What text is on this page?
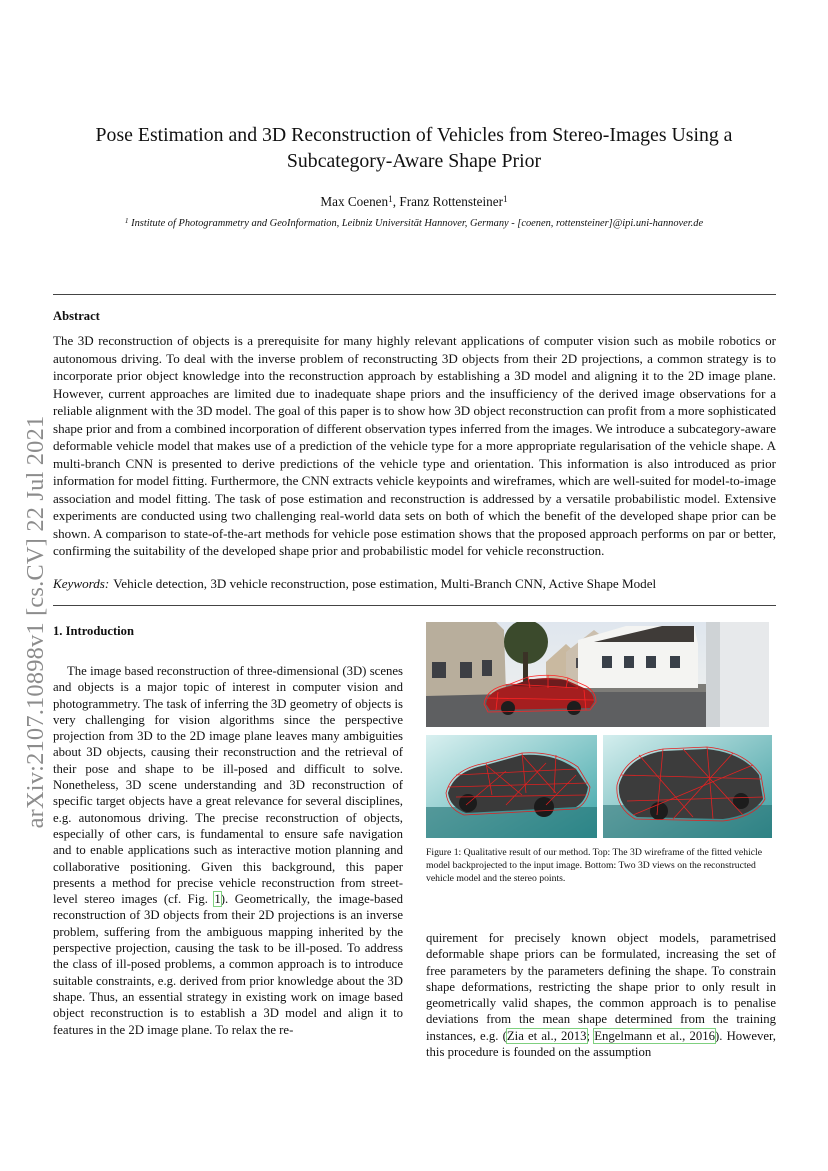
arXiv:2107.10898v1 [cs.CV] 22 Jul 2021
Pose Estimation and 3D Reconstruction of Vehicles from Stereo-Images Using a Subcategory-Aware Shape Prior
Max Coenen$^1$, Franz Rottensteiner$^1$
$^1$ Institute of Photogrammetry and GeoInformation, Leibniz Universität Hannover, Germany - [coenen, rottensteiner]@ipi.uni-hannover.de
Abstract
The 3D reconstruction of objects is a prerequisite for many highly relevant applications of computer vision such as mobile robotics or autonomous driving. To deal with the inverse problem of reconstructing 3D objects from their 2D projections, a common strategy is to incorporate prior object knowledge into the reconstruction approach by establishing a 3D model and aligning it to the 2D image plane. However, current approaches are limited due to inadequate shape priors and the insufficiency of the derived image observations for a reliable alignment with the 3D model. The goal of this paper is to show how 3D object reconstruction can profit from a more sophisticated shape prior and from a combined incorporation of different observation types inferred from the images. We introduce a subcategory-aware deformable vehicle model that makes use of a prediction of the vehicle type for a more appropriate regularisation of the vehicle shape. A multi-branch CNN is presented to derive predictions of the vehicle type and orientation. This information is also introduced as prior information for model fitting. Furthermore, the CNN extracts vehicle keypoints and wireframes, which are well-suited for model-to-image association and model fitting. The task of pose estimation and reconstruction is addressed by a versatile probabilistic model. Extensive experiments are conducted using two challenging real-world data sets on both of which the benefit of the developed shape prior can be shown. A comparison to state-of-the-art methods for vehicle pose estimation shows that the proposed approach performs on par or better, confirming the suitability of the developed shape prior and probabilistic model for vehicle reconstruction.
Keywords: Vehicle detection, 3D vehicle reconstruction, pose estimation, Multi-Branch CNN, Active Shape Model
1. Introduction

The image based reconstruction of three-dimensional (3D) scenes and objects is a major topic of interest in computer vision and photogrammetry. The task of inferring the 3D geometry of objects is very challenging for vision algorithms since the perspective projection from 3D to the 2D image plane leaves many ambiguities about 3D objects, causing their reconstruction and the retrieval of their pose and shape to be ill-posed and difficult to solve. Nonetheless, 3D scene understanding and 3D reconstruction of specific target objects have a great relevance for several disciplines, e.g. autonomous driving. The precise reconstruction of objects, especially of other cars, is fundamental to ensure safe navigation and to enable applications such as interactive motion planning and collaborative positioning. Given this background, this paper presents a method for precise vehicle reconstruction from street-level stereo images (cf. Fig. 1). Geometrically, the image-based reconstruction of 3D objects from their 2D projections is an inverse problem, suffering from the ambiguous mapping inherited by the perspective projection, causing the task to be ill-posed. To address the class of ill-posed problems, a common approach is to introduce suitable constraints, e.g. derived from prior knowledge about the 3D shape. Thus, an essential strategy in existing work on image based object reconstruction is to establish a 3D model and align it to features in the 2D image plane. To relax the re-

Figure 1: Qualitative result of our method. Top: The 3D wireframe of the fitted vehicle model backprojected to the input image. Bottom: Two 3D views on the reconstructed vehicle model and the stereo points.

quirement for precisely known object models, parametrised deformable shape priors can be formulated, increasing the set of free parameters by the parameters defining the shape. To constrain shape deformations, restricting the shape prior to only result in geometrically valid shapes, the common approach is to penalise deviations from the mean shape determined from the training instances, e.g. (Zia et al., 2013; Engelmann et al., 2016). However, this procedure is founded on the assumption
